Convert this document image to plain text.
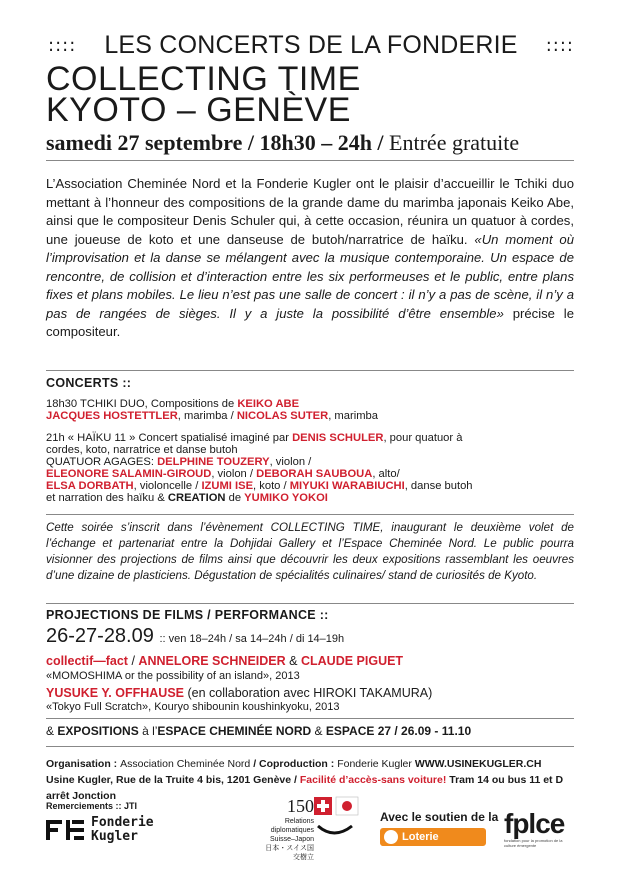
::::	LES CONCERTS DE LA FONDERIE	::::
COLLECTING TIME
KYOTO – GENÈVE
samedi 27 septembre / 18h30 – 24h / Entrée gratuite
L’Association Cheminée Nord et la Fonderie Kugler ont le plaisir d’accueillir le Tchiki duo mettant à l’honneur des compositions de la grande dame du marimba japonais Keiko Abe, ainsi que le compositeur Denis Schuler qui, à cette occasion, réunira un quatuor à cordes, une joueuse de koto et une danseuse de butoh/narratrice de haïku. «Un moment où l’improvisation et la danse se mélangent avec la musique contemporaine. Un espace de rencontre, de collision et d’interaction entre les six performeuses et le public, entre plans fixes et plans mobiles. Le lieu n’est pas une salle de concert : il n’y a pas de scène, il n’y a pas de rangées de sièges. Il y a juste la possibilité d’être ensemble» précise le compositeur.
CONCERTS ::
18h30 TCHIKI DUO, Compositions de KEIKO ABE
JACQUES HOSTETTLER, marimba / NICOLAS SUTER, marimba
21h « HAÏKU 11 » Concert spatialisé imaginé par DENIS SCHULER, pour quatuor à
cordes, koto, narratrice et danse butoh
QUATUOR AGAGES: DELPHINE TOUZERY, violon /
ELEONORE SALAMIN-GIROUD, violon / DEBORAH SAUBOUA, alto/
ELSA DORBATH, violoncelle / IZUMI ISE, koto / MIYUKI WARABIUCHI, danse butoh
et narration des haïku & CREATION de YUMIKO YOKOI
Cette soirée s’inscrit dans l’évènement COLLECTING TIME, inaugurant le deuxième volet de l’échange et partenariat entre la Dohjidai Gallery et l’Espace Cheminée Nord. Le public pourra visionner des projections de films ainsi que découvrir les deux expositions rassemblant les oeuvres d’une dizaine de plasticiens. Dégustation de spécialités culinaires/ stand de curiosités de Kyoto.
PROJECTIONS DE FILMS / PERFORMANCE ::
26-27-28.09 :: ven 18–24h / sa 14–24h / di 14–19h
collectif—fact / ANNELORE SCHNEIDER & CLAUDE PIGUET
«MOMOSHIMA or the possibility of an island», 2013
YUSUKE Y. OFFHAUSE (en collaboration avec HIROKI TAKAMURA)
«Tokyo Full Scratch», Kouryo shibounin koushinkyoku, 2013
& EXPOSITIONS à l’ESPACE CHEMINÉE NORD & ESPACE 27 / 26.09 - 11.10
Organisation : Association Cheminée Nord / Coproduction : Fonderie Kugler WWW.USINEKUGLER.CH
Usine Kugler, Rue de la Truite 4 bis, 1201 Genève / Facilité d’accès-sans voiture! Tram 14 ou bus 11 et D arrêt Jonction
Remerciements :: JTI
Fonderie
Kugler
150
Relations diplomatiques
Suisse–Japon
日本・スイス国交樹立
Avec le soutien de la
Loterie Romande
fplce
fondation pour la promotion de la culture émergente
